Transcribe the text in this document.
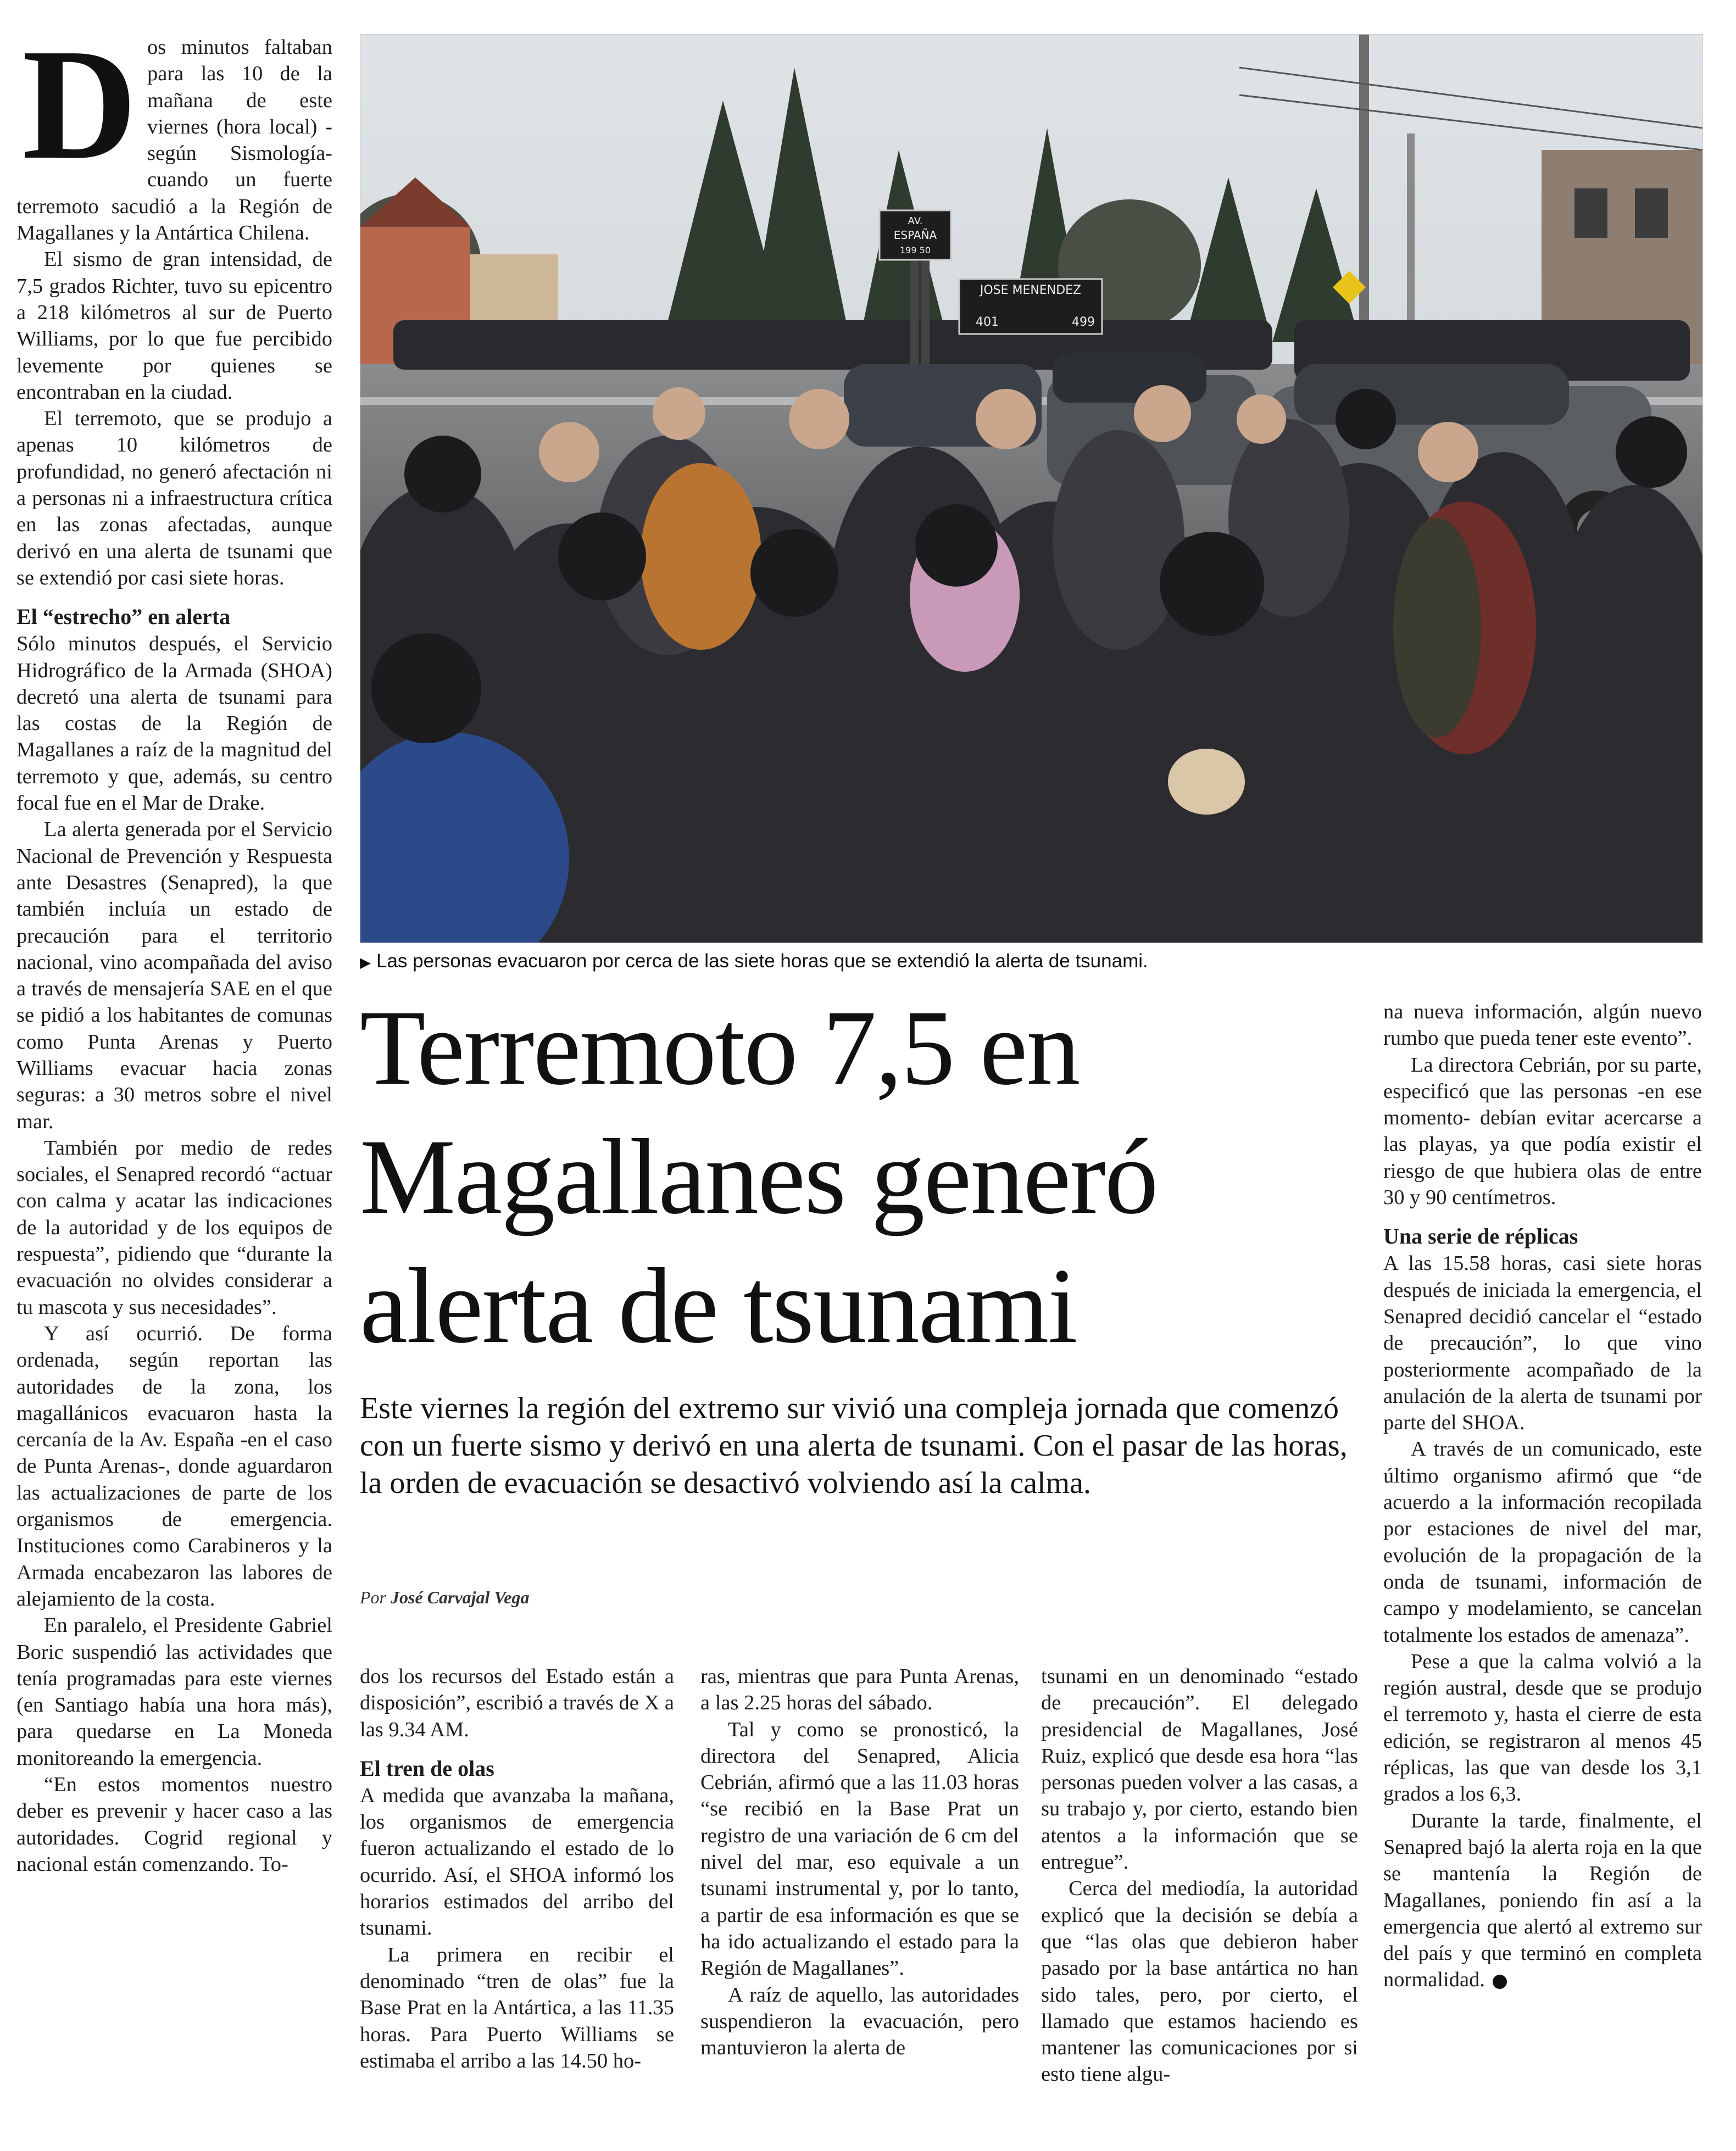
D os minutos faltaban para las 10 de la mañana de este viernes (hora local) -según Sismología- cuando un fuerte terremoto sacudió a la Región de Magallanes y la Antártica Chilena.

El sismo de gran intensidad, de 7,5 grados Richter, tuvo su epicentro a 218 kilómetros al sur de Puerto Williams, por lo que fue percibido levemente por quienes se encontraban en la ciudad.

El terremoto, que se produjo a apenas 10 kilómetros de profundidad, no generó afectación ni a personas ni a infraestructura crítica en las zonas afectadas, aunque derivó en una alerta de tsunami que se extendió por casi siete horas.

El “estrecho” en alerta

Sólo minutos después, el Servicio Hidrográfico de la Armada (SHOA) decretó una alerta de tsunami para las costas de la Región de Magallanes a raíz de la magnitud del terremoto y que, además, su centro focal fue en el Mar de Drake.

La alerta generada por el Servicio Nacional de Prevención y Respuesta ante Desastres (Senapred), la que también incluía un estado de precaución para el territorio nacional, vino acompañada del aviso a través de mensajería SAE en el que se pidió a los habitantes de comunas como Punta Arenas y Puerto Williams evacuar hacia zonas seguras: a 30 metros sobre el nivel mar.

También por medio de redes sociales, el Senapred recordó “actuar con calma y acatar las indicaciones de la autoridad y de los equipos de respuesta”, pidiendo que “durante la evacuación no olvides considerar a tu mascota y sus necesidades”.

Y así ocurrió. De forma ordenada, según reportan las autoridades de la zona, los magallánicos evacuaron hasta la cercanía de la Av. España -en el caso de Punta Arenas-, donde aguardaron las actualizaciones de parte de los organismos de emergencia. Instituciones como Carabineros y la Armada encabezaron las labores de alejamiento de la costa.

En paralelo, el Presidente Gabriel Boric suspendió las actividades que tenía programadas para este viernes (en Santiago había una hora más), para quedarse en La Moneda monitoreando la emergencia.

“En estos momentos nuestro deber es prevenir y hacer caso a las autoridades. Cogrid regional y nacional están comenzando. To-

AV.
ESPAÑA
199 50
JOSE MENENDEZ
401	499
▶ Las personas evacuaron por cerca de las siete horas que se extendió la alerta de tsunami.
Terremoto 7,5 en
Magallanes generó
alerta de tsunami
Este viernes la región del extremo sur vivió una compleja jornada que comenzó con un fuerte sismo y derivó en una alerta de tsunami. Con el pasar de las horas, la orden de evacuación se desactivó volviendo así la calma.
Por José Carvajal Vega

dos los recursos del Estado están a disposición”, escribió a través de X a las 9.34 AM.

El tren de olas

A medida que avanzaba la mañana, los organismos de emergencia fueron actualizando el estado de lo ocurrido. Así, el SHOA informó los horarios estimados del arribo del tsunami.

La primera en recibir el denominado “tren de olas” fue la Base Prat en la Antártica, a las 11.35 horas. Para Puerto Williams se estimaba el arribo a las 14.50 ho-

ras, mientras que para Punta Arenas, a las 2.25 horas del sábado.

Tal y como se pronosticó, la directora del Senapred, Alicia Cebrián, afirmó que a las 11.03 horas “se recibió en la Base Prat un registro de una variación de 6 cm del nivel del mar, eso equivale a un tsunami instrumental y, por lo tanto, a partir de esa información es que se ha ido actualizando el estado para la Región de Magallanes”.

A raíz de aquello, las autoridades suspendieron la evacuación, pero mantuvieron la alerta de

tsunami en un denominado “estado de precaución”. El delegado presidencial de Magallanes, José Ruiz, explicó que desde esa hora “las personas pueden volver a las casas, a su trabajo y, por cierto, estando bien atentos a la información que se entregue”.

Cerca del mediodía, la autoridad explicó que la decisión se debía a que “las olas que debieron haber pasado por la base antártica no han sido tales, pero, por cierto, el llamado que estamos haciendo es mantener las comunicaciones por si esto tiene algu-

na nueva información, algún nuevo rumbo que pueda tener este evento”.

La directora Cebrián, por su parte, especificó que las personas -en ese momento- debían evitar acercarse a las playas, ya que podía existir el riesgo de que hubiera olas de entre 30 y 90 centímetros.

Una serie de réplicas

A las 15.58 horas, casi siete horas después de iniciada la emergencia, el Senapred decidió cancelar el “estado de precaución”, lo que vino posteriormente acompañado de la anulación de la alerta de tsunami por parte del SHOA.

A través de un comunicado, este último organismo afirmó que “de acuerdo a la información recopilada por estaciones de nivel del mar, evolución de la propagación de la onda de tsunami, información de campo y modelamiento, se cancelan totalmente los estados de amenaza”.

Pese a que la calma volvió a la región austral, desde que se produjo el terremoto y, hasta el cierre de esta edición, se registraron al menos 45 réplicas, las que van desde los 3,1 grados a los 6,3.

Durante la tarde, finalmente, el Senapred bajó la alerta roja en la que se mantenía la Región de Magallanes, poniendo fin así a la emergencia que alertó al extremo sur del país y que terminó en completa normalidad.
